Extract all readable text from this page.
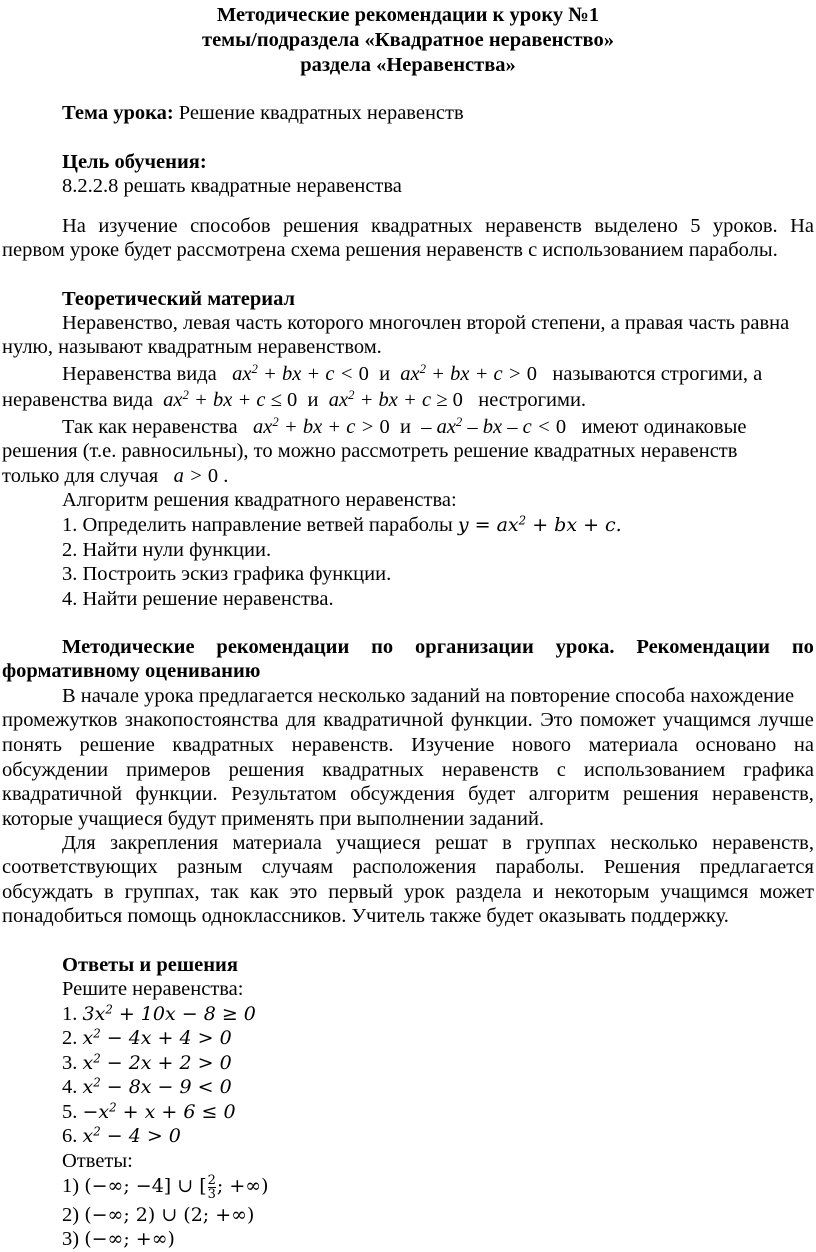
Методические рекомендации к уроку №1
темы/подраздела «Квадратное неравенство»
раздела «Неравенства»
Тема урока: Решение квадратных неравенств
Цель обучения:
8.2.2.8 решать квадратные неравенства
На изучение способов решения квадратных неравенств выделено 5 уроков. На
первом уроке будет рассмотрена схема решения неравенств с использованием параболы.
Теоретический материал
Неравенство, левая часть которого многочлен второй степени, а правая часть равна
нулю, называют квадратным неравенством.
Неравенства вида $ax^2$ + bx + c < 0 и $ax^2$ + bx + c > 0 называются строгими, а
неравенства вида $ax^2$ + bx + c ≤ 0 и $ax^2$ + bx + c ≥ 0 нестрогими.
Так как неравенства $ax^2$ + bx + c > 0 и – $ax^2$ – bx – c < 0 имеют одинаковые
решения (т.е. равносильны), то можно рассмотреть решение квадратных неравенств
только для случая a > 0 .
Алгоритм решения квадратного неравенства:
1. Определить направление ветвей параболы $y = ax^2$ + bx + c.
2. Найти нули функции.
3. Построить эскиз графика функции.
4. Найти решение неравенства.
Методические рекомендации по организации урока. Рекомендации по
формативному оцениванию
В начале урока предлагается несколько заданий на повторение способа нахождение
промежутков знакопостоянства для квадратичной функции. Это поможет учащимся лучше
понять решение квадратных неравенств. Изучение нового материала основано на
обсуждении примеров решения квадратных неравенств с использованием графика
квадратичной функции. Результатом обсуждения будет алгоритм решения неравенств,
которые учащиеся будут применять при выполнении заданий.
Для закрепления материала учащиеся решат в группах несколько неравенств,
соответствующих разным случаям расположения параболы. Решения предлагается
обсуждать в группах, так как это первый урок раздела и некоторым учащимся может
понадобиться помощь одноклассников. Учитель также будет оказывать поддержку.
Ответы и решения
Решите неравенства:
1. $3x^2 + 10x - 8 \ge 0$
2. $x^2 - 4x + 4 > 0$
3. $x^2 - 2x + 2 > 0$
4. $x^2 - 8x - 9 < 0$
5. $-x^2 + x + 6 \le 0$
6. $x^2 - 4 > 0$
Ответы:
1) (−∞; −4] ∪ [ $\frac{2}{3}$ ; +∞)
2) (−∞; 2) ∪ (2; +∞)
3) (−∞; +∞)
